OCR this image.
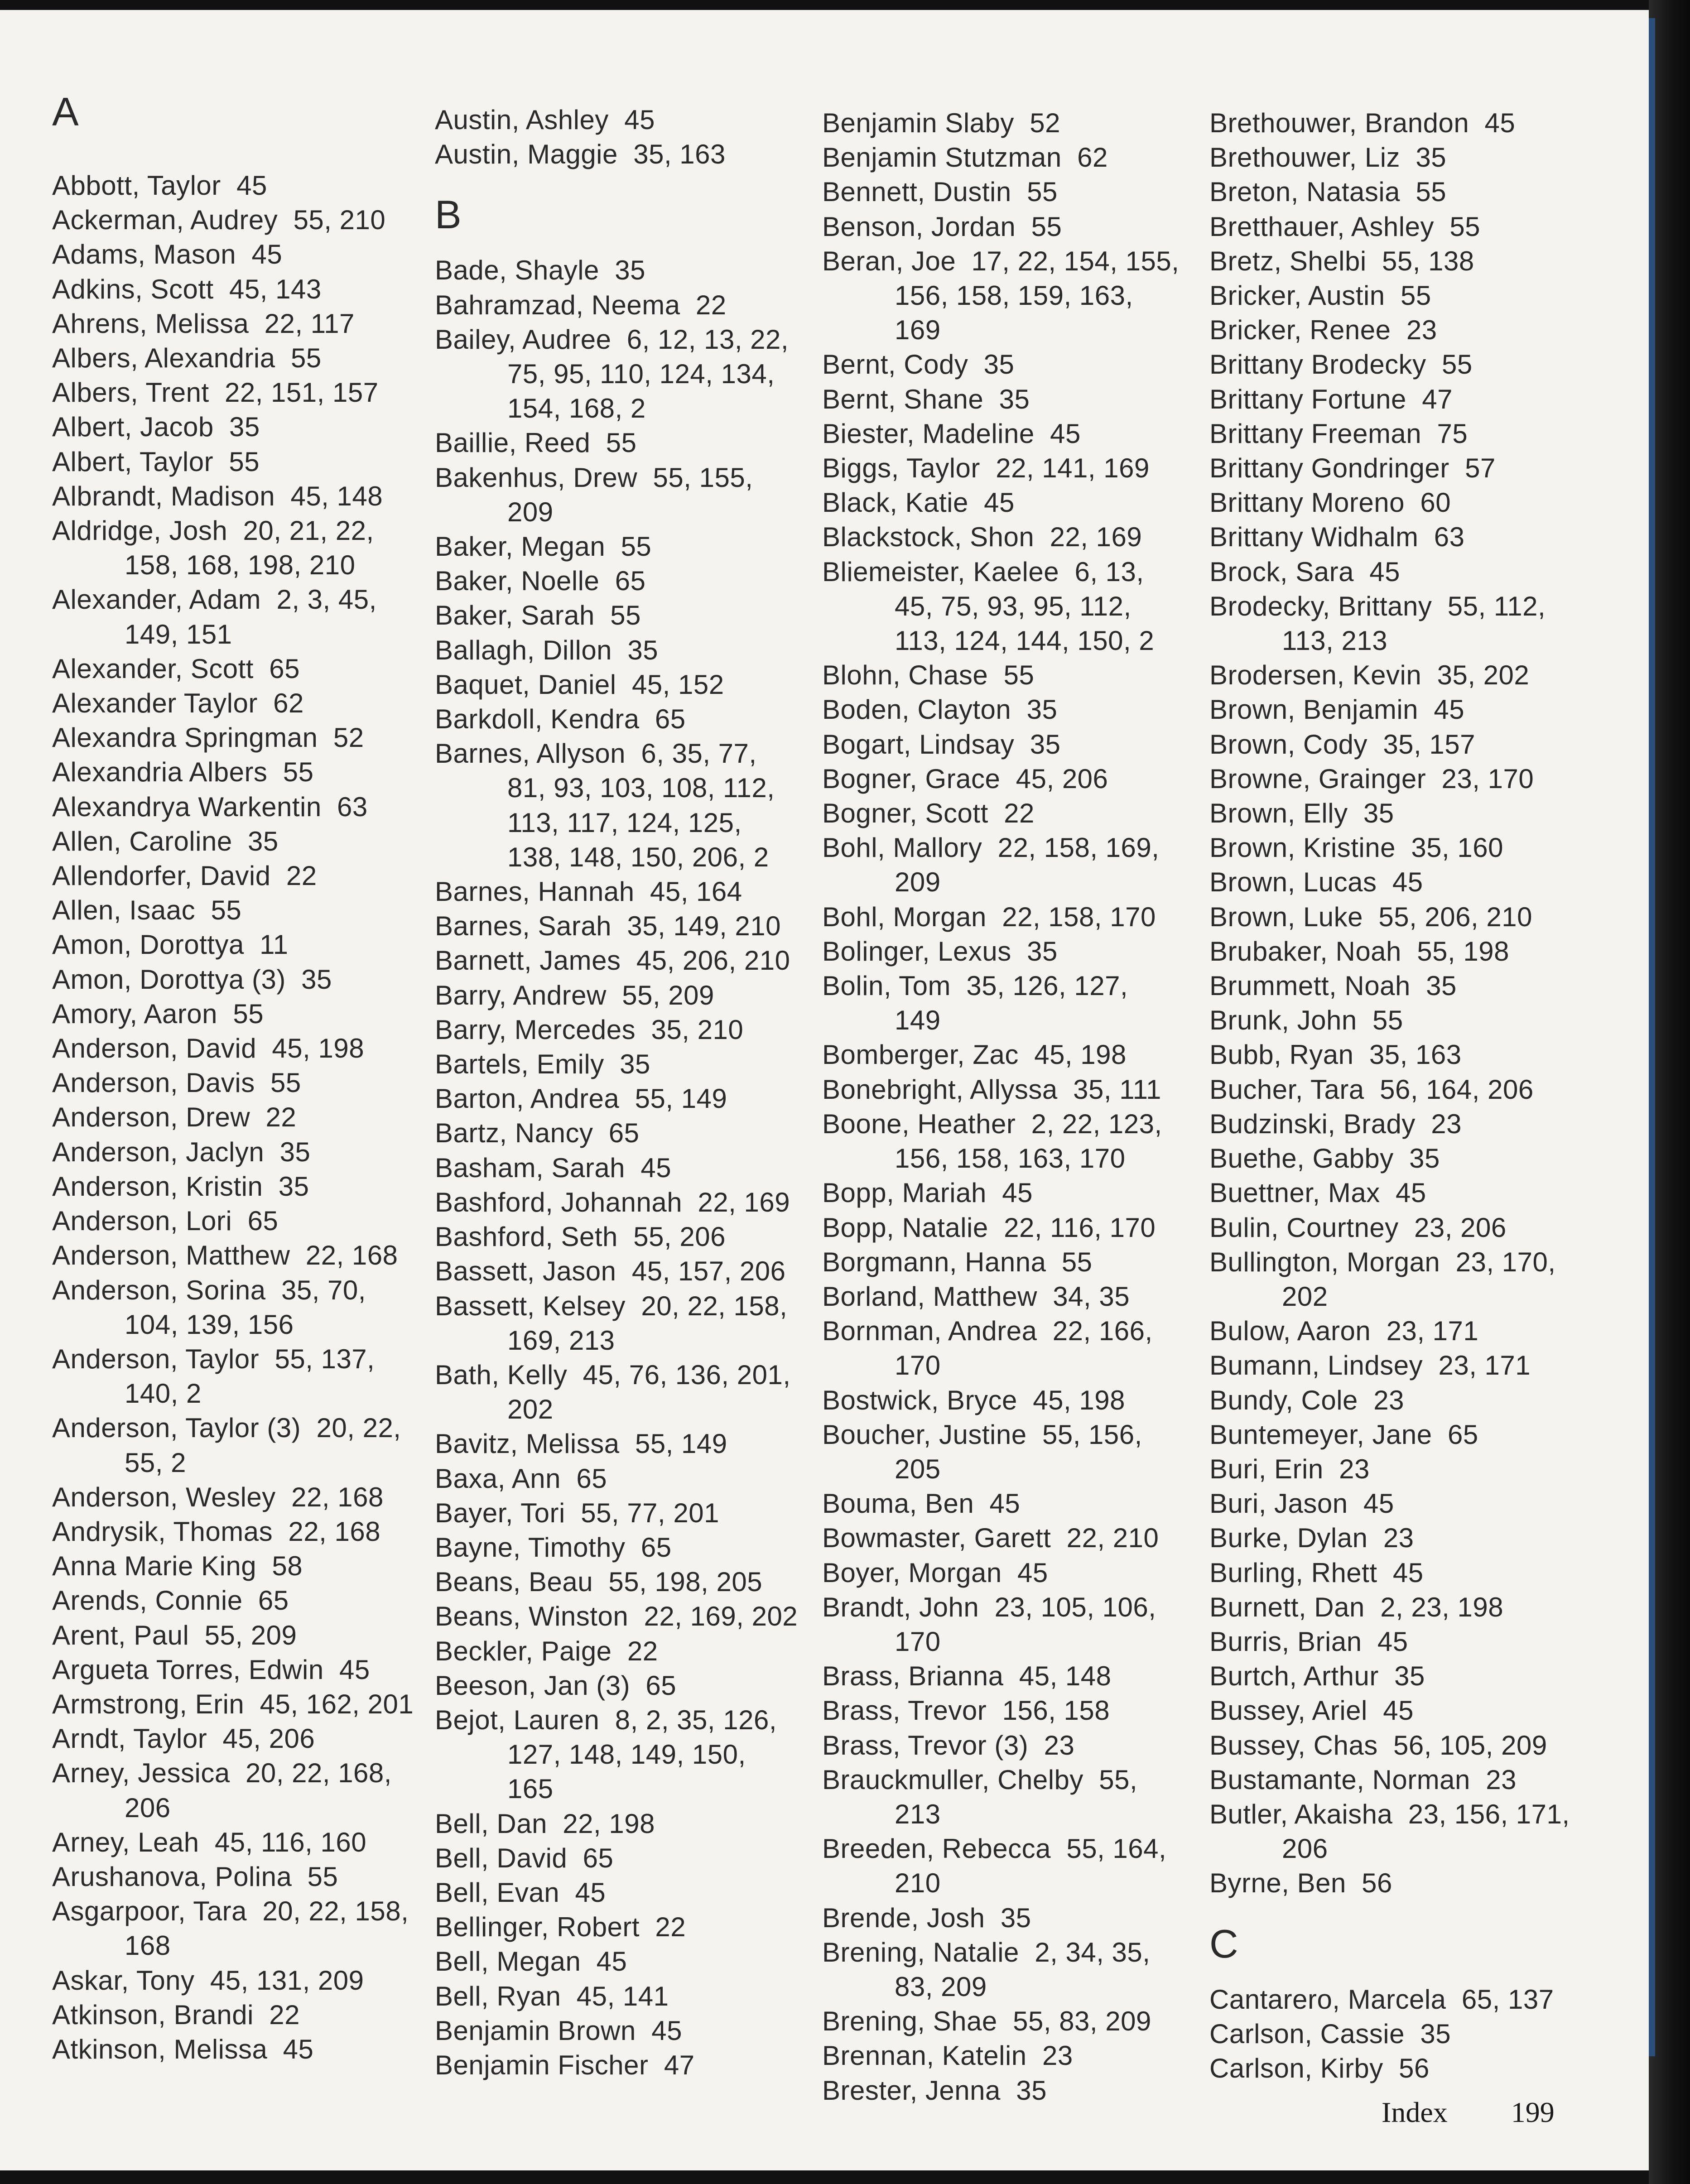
A
Abbott, Taylor  45
Ackerman, Audrey  55, 210
Adams, Mason  45
Adkins, Scott  45, 143
Ahrens, Melissa  22, 117
Albers, Alexandria  55
Albers, Trent  22, 151, 157
Albert, Jacob  35
Albert, Taylor  55
Albrandt, Madison  45, 148
Aldridge, Josh  20, 21, 22,
158, 168, 198, 210
Alexander, Adam  2, 3, 45,
149, 151
Alexander, Scott  65
Alexander Taylor  62
Alexandra Springman  52
Alexandria Albers  55
Alexandrya Warkentin  63
Allen, Caroline  35
Allendorfer, David  22
Allen, Isaac  55
Amon, Dorottya  11
Amon, Dorottya (3)  35
Amory, Aaron  55
Anderson, David  45, 198
Anderson, Davis  55
Anderson, Drew  22
Anderson, Jaclyn  35
Anderson, Kristin  35
Anderson, Lori  65
Anderson, Matthew  22, 168
Anderson, Sorina  35, 70,
104, 139, 156
Anderson, Taylor  55, 137,
140, 2
Anderson, Taylor (3)  20, 22,
55, 2
Anderson, Wesley  22, 168
Andrysik, Thomas  22, 168
Anna Marie King  58
Arends, Connie  65
Arent, Paul  55, 209
Argueta Torres, Edwin  45
Armstrong, Erin  45, 162, 201
Arndt, Taylor  45, 206
Arney, Jessica  20, 22, 168,
206
Arney, Leah  45, 116, 160
Arushanova, Polina  55
Asgarpoor, Tara  20, 22, 158,
168
Askar, Tony  45, 131, 209
Atkinson, Brandi  22
Atkinson, Melissa  45
Austin, Ashley  45
Austin, Maggie  35, 163
B
Bade, Shayle  35
Bahramzad, Neema  22
Bailey, Audree  6, 12, 13, 22,
75, 95, 110, 124, 134,
154, 168, 2
Baillie, Reed  55
Bakenhus, Drew  55, 155,
209
Baker, Megan  55
Baker, Noelle  65
Baker, Sarah  55
Ballagh, Dillon  35
Baquet, Daniel  45, 152
Barkdoll, Kendra  65
Barnes, Allyson  6, 35, 77,
81, 93, 103, 108, 112,
113, 117, 124, 125,
138, 148, 150, 206, 2
Barnes, Hannah  45, 164
Barnes, Sarah  35, 149, 210
Barnett, James  45, 206, 210
Barry, Andrew  55, 209
Barry, Mercedes  35, 210
Bartels, Emily  35
Barton, Andrea  55, 149
Bartz, Nancy  65
Basham, Sarah  45
Bashford, Johannah  22, 169
Bashford, Seth  55, 206
Bassett, Jason  45, 157, 206
Bassett, Kelsey  20, 22, 158,
169, 213
Bath, Kelly  45, 76, 136, 201,
202
Bavitz, Melissa  55, 149
Baxa, Ann  65
Bayer, Tori  55, 77, 201
Bayne, Timothy  65
Beans, Beau  55, 198, 205
Beans, Winston  22, 169, 202
Beckler, Paige  22
Beeson, Jan (3)  65
Bejot, Lauren  8, 2, 35, 126,
127, 148, 149, 150,
165
Bell, Dan  22, 198
Bell, David  65
Bell, Evan  45
Bellinger, Robert  22
Bell, Megan  45
Bell, Ryan  45, 141
Benjamin Brown  45
Benjamin Fischer  47
Benjamin Slaby  52
Benjamin Stutzman  62
Bennett, Dustin  55
Benson, Jordan  55
Beran, Joe  17, 22, 154, 155,
156, 158, 159, 163,
169
Bernt, Cody  35
Bernt, Shane  35
Biester, Madeline  45
Biggs, Taylor  22, 141, 169
Black, Katie  45
Blackstock, Shon  22, 169
Bliemeister, Kaelee  6, 13,
45, 75, 93, 95, 112,
113, 124, 144, 150, 2
Blohn, Chase  55
Boden, Clayton  35
Bogart, Lindsay  35
Bogner, Grace  45, 206
Bogner, Scott  22
Bohl, Mallory  22, 158, 169,
209
Bohl, Morgan  22, 158, 170
Bolinger, Lexus  35
Bolin, Tom  35, 126, 127,
149
Bomberger, Zac  45, 198
Bonebright, Allyssa  35, 111
Boone, Heather  2, 22, 123,
156, 158, 163, 170
Bopp, Mariah  45
Bopp, Natalie  22, 116, 170
Borgmann, Hanna  55
Borland, Matthew  34, 35
Bornman, Andrea  22, 166,
170
Bostwick, Bryce  45, 198
Boucher, Justine  55, 156,
205
Bouma, Ben  45
Bowmaster, Garett  22, 210
Boyer, Morgan  45
Brandt, John  23, 105, 106,
170
Brass, Brianna  45, 148
Brass, Trevor  156, 158
Brass, Trevor (3)  23
Brauckmuller, Chelby  55,
213
Breeden, Rebecca  55, 164,
210
Brende, Josh  35
Brening, Natalie  2, 34, 35,
83, 209
Brening, Shae  55, 83, 209
Brennan, Katelin  23
Brester, Jenna  35
Brethouwer, Brandon  45
Brethouwer, Liz  35
Breton, Natasia  55
Bretthauer, Ashley  55
Bretz, Shelbi  55, 138
Bricker, Austin  55
Bricker, Renee  23
Brittany Brodecky  55
Brittany Fortune  47
Brittany Freeman  75
Brittany Gondringer  57
Brittany Moreno  60
Brittany Widhalm  63
Brock, Sara  45
Brodecky, Brittany  55, 112,
113, 213
Brodersen, Kevin  35, 202
Brown, Benjamin  45
Brown, Cody  35, 157
Browne, Grainger  23, 170
Brown, Elly  35
Brown, Kristine  35, 160
Brown, Lucas  45
Brown, Luke  55, 206, 210
Brubaker, Noah  55, 198
Brummett, Noah  35
Brunk, John  55
Bubb, Ryan  35, 163
Bucher, Tara  56, 164, 206
Budzinski, Brady  23
Buethe, Gabby  35
Buettner, Max  45
Bulin, Courtney  23, 206
Bullington, Morgan  23, 170,
202
Bulow, Aaron  23, 171
Bumann, Lindsey  23, 171
Bundy, Cole  23
Buntemeyer, Jane  65
Buri, Erin  23
Buri, Jason  45
Burke, Dylan  23
Burling, Rhett  45
Burnett, Dan  2, 23, 198
Burris, Brian  45
Burtch, Arthur  35
Bussey, Ariel  45
Bussey, Chas  56, 105, 209
Bustamante, Norman  23
Butler, Akaisha  23, 156, 171,
206
Byrne, Ben  56
C
Cantarero, Marcela  65, 137
Carlson, Cassie  35
Carlson, Kirby  56
Index 199
